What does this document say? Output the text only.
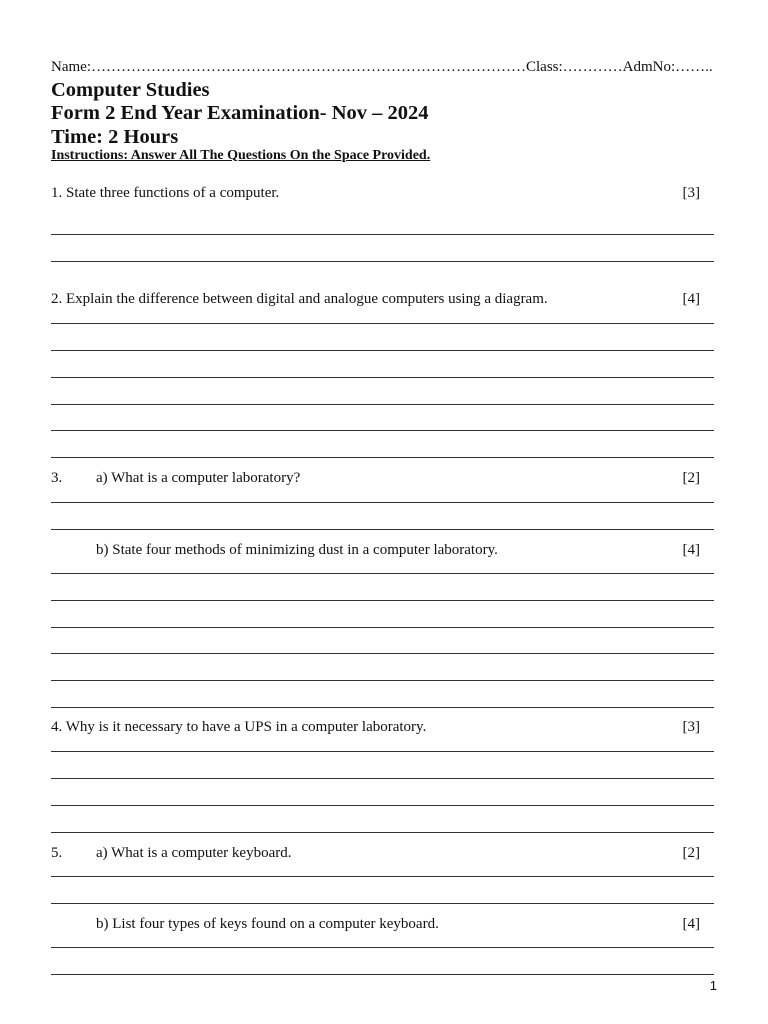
Name:……………………………………………………………………………Class:…………AdmNo:……..
Computer Studies
Form 2 End Year Examination- Nov – 2024
Time: 2 Hours
Instructions: Answer All The Questions On the Space Provided.
1. State three functions of a computer.	[3]
2. Explain the difference between digital and analogue computers using a diagram.	[4]
3. a) What is a computer laboratory?	[2]
b) State four methods of minimizing dust in a computer laboratory.	[4]
4. Why is it necessary to have a UPS in a computer laboratory.	[3]
5. a) What is a computer keyboard.	[2]
b) List four types of keys found on a computer keyboard.	[4]
1
